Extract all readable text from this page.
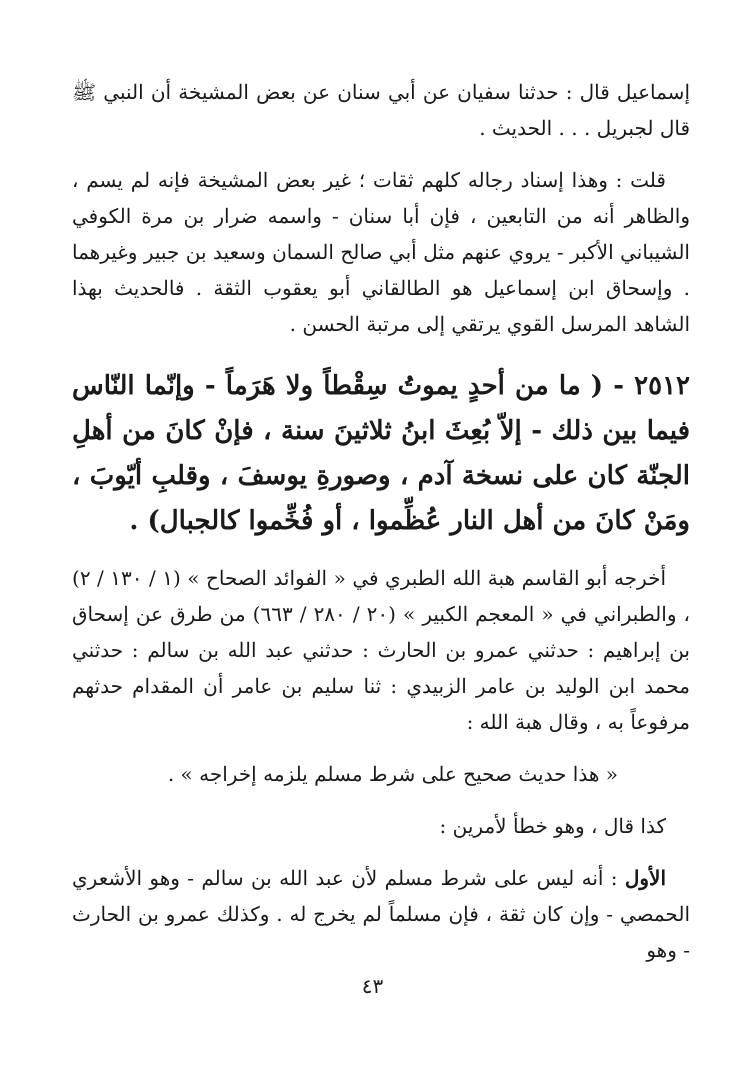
إسماعيل قال : حدثنا سفيان عن أبي سنان عن بعض المشيخة أن النبي ﷺ قال لجبريل . . . الحديث .

قلت : وهذا إسناد رجاله كلهم ثقات ؛ غير بعض المشيخة فإنه لم يسم ، والظاهر أنه من التابعين ، فإن أبا سنان - واسمه ضرار بن مرة الكوفي الشيباني الأكبر - يروي عنهم مثل أبي صالح السمان وسعيد بن جبير وغيرهما . وإسحاق ابن إسماعيل هو الطالقاني أبو يعقوب الثقة . فالحديث بهذا الشاهد المرسل القوي يرتقي إلى مرتبة الحسن .

٢٥١٢ - ( ما من أحدٍ يموتُ سِقْطاً ولا هَرَماً - وإنّما النّاس فيما بين ذلك - إلاّ بُعِثَ ابنُ ثلاثينَ سنة ، فإنْ كانَ من أهلِ الجنّة كان على نسخة آدم ، وصورةِ يوسفَ ، وقلبِ أيّوبَ ، ومَنْ كانَ من أهل النار عُظِّموا ، أو فُخِّموا كالجبال) .

أخرجه أبو القاسم هبة الله الطبري في « الفوائد الصحاح » (١ / ١٣٠ / ٢) ، والطبراني في « المعجم الكبير » (٢٠ / ٢٨٠ / ٦٦٣) من طرق عن إسحاق بن إبراهيم : حدثني عمرو بن الحارث : حدثني عبد الله بن سالم : حدثني محمد ابن الوليد بن عامر الزبيدي : ثنا سليم بن عامر أن المقدام حدثهم مرفوعاً به ، وقال هبة الله :

« هذا حديث صحيح على شرط مسلم يلزمه إخراجه » .

كذا قال ، وهو خطأ لأمرين :

الأول : أنه ليس على شرط مسلم لأن عبد الله بن سالم - وهو الأشعري الحمصي - وإن كان ثقة ، فإن مسلماً لم يخرج له . وكذلك عمرو بن الحارث - وهو

٤٣
